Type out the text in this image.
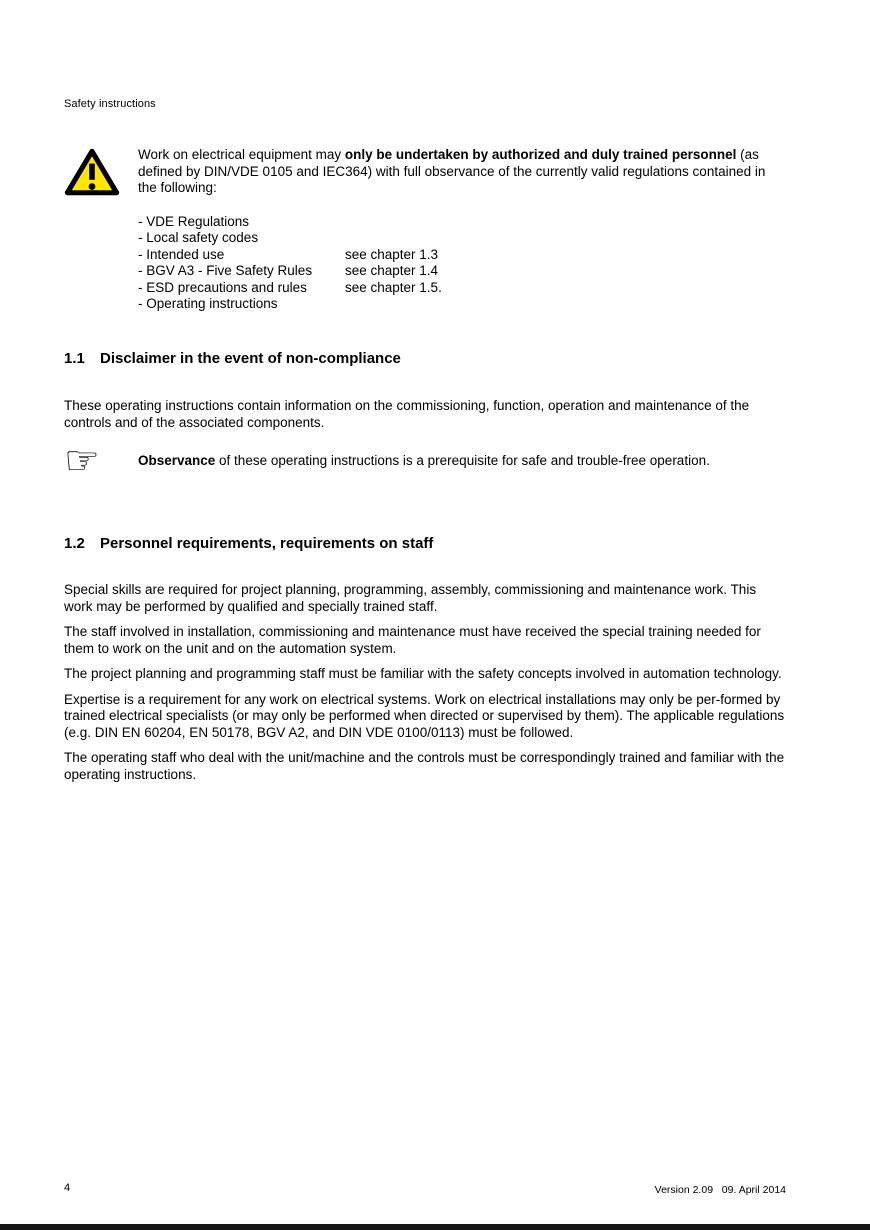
Safety instructions
Work on electrical equipment may only be undertaken by authorized and duly trained personnel (as defined by DIN/VDE 0105 and IEC364) with full observance of the currently valid regulations contained in the following:
- VDE Regulations
- Local safety codes
- Intended use	see chapter 1.3
- BGV A3 - Five Safety Rules	see chapter 1.4
- ESD precautions and rules	see chapter 1.5.
- Operating instructions
1.1	Disclaimer in the event of non-compliance
These operating instructions contain information on the commissioning, function, operation and maintenance of the controls and of the associated components.
☞	Observance of these operating instructions is a prerequisite for safe and trouble-free operation.
1.2	Personnel requirements, requirements on staff

Special skills are required for project planning, programming, assembly, commissioning and maintenance work. This work may be performed by qualified and specially trained staff.

The staff involved in installation, commissioning and maintenance must have received the special training needed for them to work on the unit and on the automation system.

The project planning and programming staff must be familiar with the safety concepts involved in automation technology.

Expertise is a requirement for any work on electrical systems. Work on electrical installations may only be per-formed by trained electrical specialists (or may only be performed when directed or supervised by them). The applicable regulations (e.g. DIN EN 60204, EN 50178, BGV A2, and DIN VDE 0100/0113) must be followed.

The operating staff who deal with the unit/machine and the controls must be correspondingly trained and familiar with the operating instructions.

4	Version 2.09   09. April 2014
